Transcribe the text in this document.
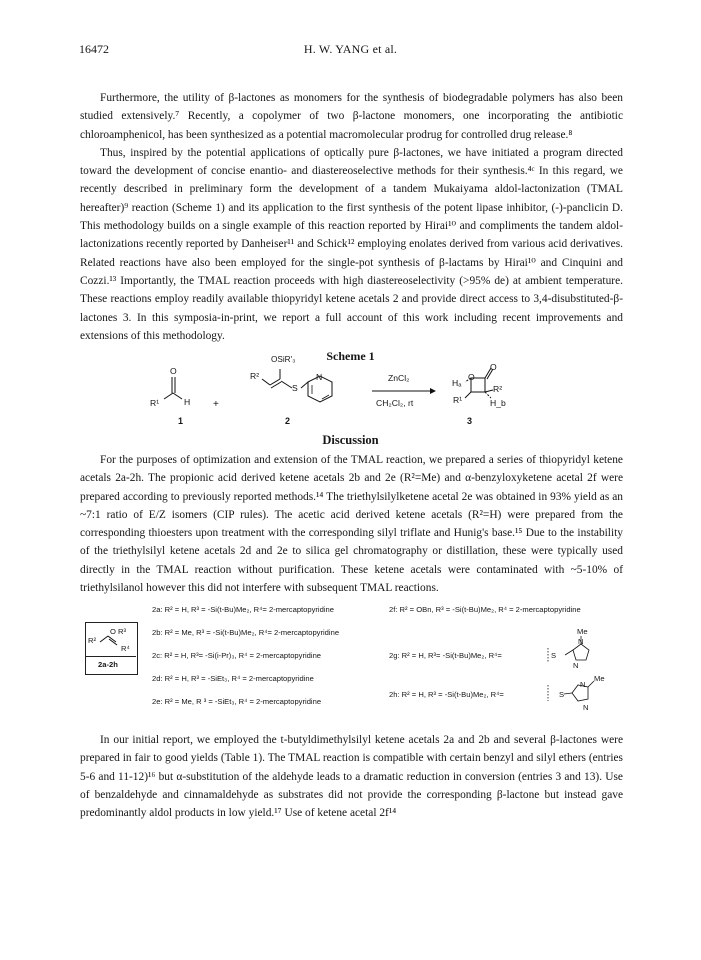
16472	H. W. YANG et al.

Furthermore, the utility of β-lactones as monomers for the synthesis of biodegradable polymers has also been studied extensively.⁷ Recently, a copolymer of two β-lactone monomers, one incorporating the antibiotic chloroamphenicol, has been synthesized as a potential macromolecular prodrug for controlled drug release.⁸

Thus, inspired by the potential applications of optically pure β-lactones, we have initiated a program directed toward the development of concise enantio- and diastereoselective methods for their synthesis.⁴ᶜ In this regard, we recently described in preliminary form the development of a tandem Mukaiyama aldol-lactonization (TMAL hereafter)⁹ reaction (Scheme 1) and its application to the first synthesis of the potent lipase inhibitor, (-)-panclicin D. This methodology builds on a single example of this reaction reported by Hirai¹⁰ and compliments the tandem aldol-lactonizations recently reported by Danheiser¹¹ and Schick¹² employing enolates derived from various acid derivatives. Related reactions have also been employed for the single-pot synthesis of β-lactams by Hirai¹⁰ and Cinquini and Cozzi.¹³ Importantly, the TMAL reaction proceeds with high diastereoselectivity (>95% de) at ambient temperature. These reactions employ readily available thiopyridyl ketene acetals 2 and provide direct access to 3,4-disubstituted-β-lactones 3. In this symposia-in-print, we report a full account of this work including recent improvements and extensions of this methodology.

Scheme 1
O
R¹	H +
OSiR'₃
R²
S
N	ZnCl₂
CH₂Cl₂, rt
O
O
R²
Hₐ
R¹	H_b
1	2	3
Discussion

For the purposes of optimization and extension of the TMAL reaction, we prepared a series of thiopyridyl ketene acetals 2a-2h. The propionic acid derived ketene acetals 2b and 2e (R²=Me) and α-benzyloxyketene acetal 2f were prepared according to previously reported methods.¹⁴ The triethylsilylketene acetal 2e was obtained in 93% yield as an ~7:1 ratio of E/Z isomers (CIP rules). The acetic acid derived ketene acetals (R²=H) were prepared from the corresponding thioesters upon treatment with the corresponding silyl triflate and Hunig's base.¹⁵ Due to the instability of the triethylsilyl ketene acetals 2d and 2e to silica gel chromatography or distillation, these were typically used directly in the TMAL reaction without purification. These ketene acetals were contaminated with ~5-10% of triethylsilanol however this did not interfere with subsequent TMAL reactions.

O R³
R²
R⁴
2a-2h
2a: R² = H, R³ = -Si(t-Bu)Me₂, R⁴= 2-mercaptopyridine
2b: R² = Me, R³ = -Si(t-Bu)Me₂, R⁴= 2-mercaptopyridine
2c: R² = H, R³= -Si(i-Pr)₃, R⁴ = 2-mercaptopyridine
2d: R² = H, R³ = -SiEt₃, R⁴ = 2-mercaptopyridine
2e: R² = Me, R ³ = -SiEt₃, R⁴ = 2-mercaptopyridine
2f: R² = OBn, R³ = -Si(t-Bu)Me₂, R⁴ = 2-mercaptopyridine
2g: R² = H, R³= -Si(t-Bu)Me₂, R⁴=
2h: R² = H, R³ = -Si(t-Bu)Me₂, R⁴=
S
Me
N
N
S
Me
N
N

In our initial report, we employed the t-butyldimethylsilyl ketene acetals 2a and 2b and several β-lactones were prepared in fair to good yields (Table 1). The TMAL reaction is compatible with certain benzyl and silyl ethers (entries 5-6 and 11-12)¹⁶ but α-substitution of the aldehyde leads to a dramatic reduction in conversion (entries 3 and 13). Use of benzaldehyde and cinnamaldehyde as substrates did not provide the corresponding β-lactone but instead gave predominantly aldol products in low yield.¹⁷ Use of ketene acetal 2f¹⁴
